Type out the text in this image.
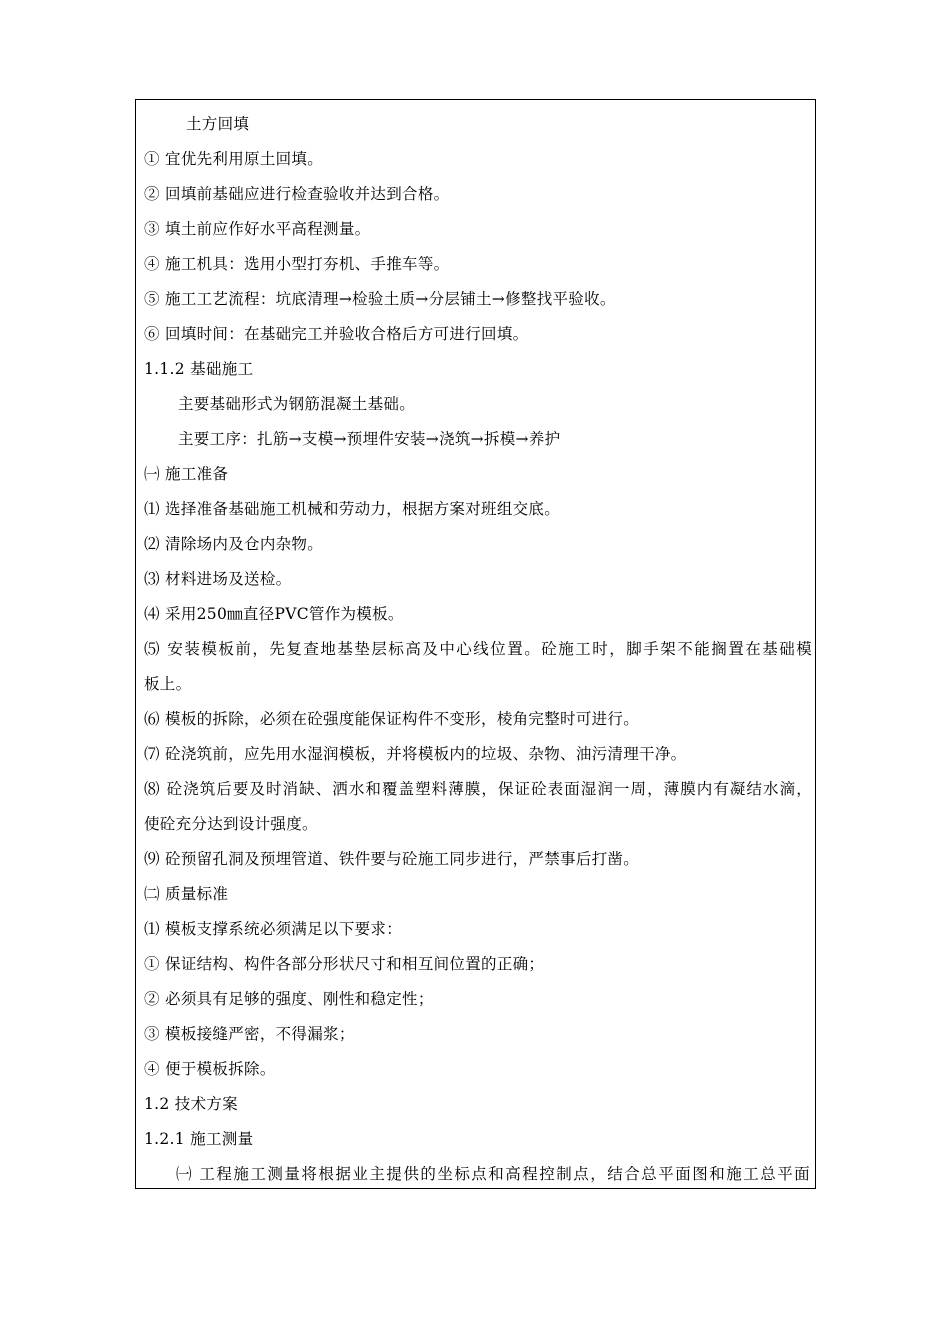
土方回填
① 宜优先利用原土回填。
② 回填前基础应进行检查验收并达到合格。
③ 填土前应作好水平高程测量。
④ 施工机具：选用小型打夯机、手推车等。
⑤ 施工工艺流程：坑底清理→检验土质→分层铺土→修整找平验收。
⑥ 回填时间：在基础完工并验收合格后方可进行回填。
1.1.2 基础施工
主要基础形式为钢筋混凝土基础。
主要工序：扎筋→支模→预埋件安装→浇筑→拆模→养护
㈠ 施工准备
⑴ 选择准备基础施工机械和劳动力，根据方案对班组交底。
⑵ 清除场内及仓内杂物。
⑶ 材料进场及送检。
⑷ 采用250㎜直径PVC管作为模板。
⑸ 安装模板前，先复查地基垫层标高及中心线位置。砼施工时，脚手架不能搁置在基础模
板上。
⑹ 模板的拆除，必须在砼强度能保证构件不变形，棱角完整时可进行。
⑺ 砼浇筑前，应先用水湿润模板，并将模板内的垃圾、杂物、油污清理干净。
⑻ 砼浇筑后要及时消缺、洒水和覆盖塑料薄膜，保证砼表面湿润一周，薄膜内有凝结水滴，
使砼充分达到设计强度。
⑼ 砼预留孔洞及预埋管道、铁件要与砼施工同步进行，严禁事后打凿。
㈡ 质量标准
⑴ 模板支撑系统必须满足以下要求：
① 保证结构、构件各部分形状尺寸和相互间位置的正确；
② 必须具有足够的强度、刚性和稳定性；
③ 模板接缝严密，不得漏浆；
④ 便于模板拆除。
1.2 技术方案
1.2.1 施工测量
㈠ 工程施工测量将根据业主提供的坐标点和高程控制点，结合总平面图和施工总平面
